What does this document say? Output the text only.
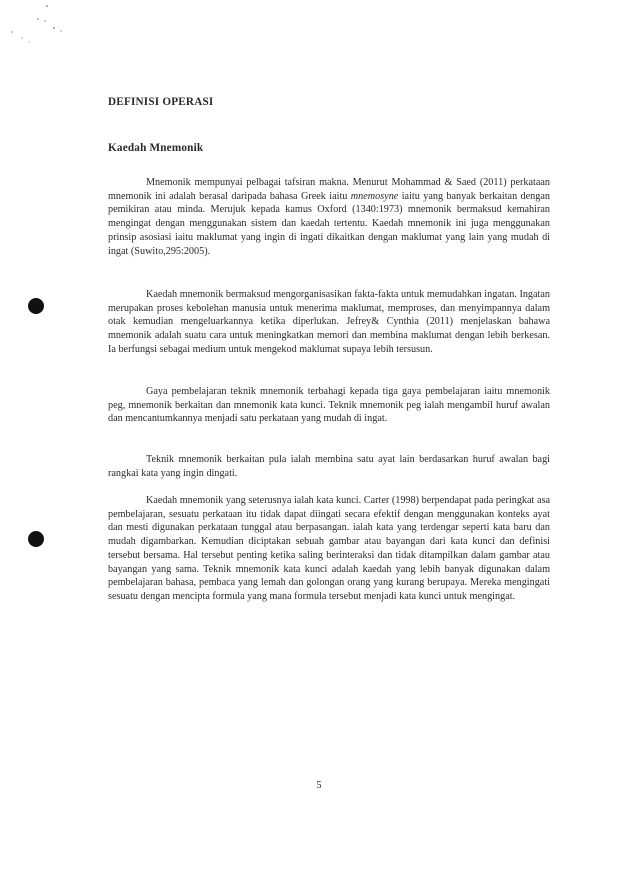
DEFINISI OPERASI
Kaedah Mnemonik

Mnemonik mempunyai pelbagai tafsiran makna. Menurut Mohammad & Saed (2011) perkataan mnemonik ini adalah berasal daripada bahasa Greek iaitu mnemosyne iaitu yang banyak berkaitan dengan pemikiran atau minda. Merujuk kepada kamus Oxford (1340:1973) mnemonik bermaksud kemahiran mengingat dengan menggunakan sistem dan kaedah tertentu. Kaedah mnemonik ini juga menggunakan prinsip asosiasi iaitu maklumat yang ingin di ingati dikaitkan dengan maklumat yang lain yang mudah di ingat (Suwito,295:2005).

Kaedah mnemonik bermaksud mengorganisasikan fakta-fakta untuk memudahkan ingatan. Ingatan merupakan proses kebolehan manusia untuk menerima maklumat, memproses, dan menyimpannya dalam otak kemudian mengeluarkannya ketika diperlukan. Jefrey& Cynthia (2011) menjelaskan bahawa mnemonik adalah suatu cara untuk meningkatkan memori dan membina maklumat dengan lebih berkesan. Ia berfungsi sebagai medium untuk mengekod maklumat supaya lebih tersusun.

Gaya pembelajaran teknik mnemonik terbahagi kepada tiga gaya pembelajaran iaitu mnemonik peg, mnemonik berkaitan dan mnemonik kata kunci. Teknik mnemonik peg ialah mengambil huruf awalan dan mencantumkannya menjadi satu perkataan yang mudah di ingat.

Teknik mnemonik berkaitan pula ialah membina satu ayat lain berdasarkan huruf awalan bagi rangkai kata yang ingin dingati.

Kaedah mnemonik yang seterusnya ialah kata kunci. Carter (1998) berpendapat pada peringkat asa pembelajaran, sesuatu perkataan itu tidak dapat diingati secara efektif dengan menggunakan konteks ayat dan mesti digunakan perkataan tunggal atau berpasangan. ialah kata yang terdengar seperti kata baru dan mudah digambarkan. Kemudian diciptakan sebuah gambar atau bayangan dari kata kunci dan definisi tersebut bersama. Hal tersebut penting ketika saling berinteraksi dan tidak ditampilkan dalam gambar atau bayangan yang sama. Teknik mnemonik kata kunci adalah kaedah yang lebih banyak digunakan dalam pembelajaran bahasa, pembaca yang lemah dan golongan orang yang kurang berupaya. Mereka mengingati sesuatu dengan mencipta formula yang mana formula tersebut menjadi kata kunci untuk mengingat.

5
